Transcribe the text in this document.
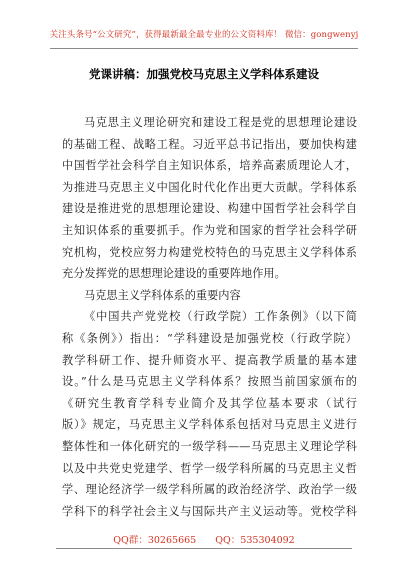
关注头条号“公文研究”，获得最新最全最专业的公文资料库！ 微信：gongwenyj
党课讲稿：加强党校马克思主义学科体系建设
马克思主义理论研究和建设工程是党的思想理论建设
的基础工程、战略工程。习近平总书记指出，要加快构建
中国哲学社会科学自主知识体系，培养高素质理论人才，
为推进马克思主义中国化时代化作出更大贡献。学科体系
建设是推进党的思想理论建设、构建中国哲学社会科学自
主知识体系的重要抓手。作为党和国家的哲学社会科学研
究机构，党校应努力构建党校特色的马克思主义学科体系
充分发挥党的思想理论建设的重要阵地作用。
马克思主义学科体系的重要内容
《中国共产党党校（行政学院）工作条例》（以下简
称《条例》）指出：“学科建设是加强党校（行政学院）
教学科研工作、提升师资水平、提高教学质量的基本建
设。”什么是马克思主义学科体系？按照当前国家颁布的
《研究生教育学科专业简介及其学位基本要求（试行
版）》规定，马克思主义学科体系包括对马克思主义进行
整体性和一体化研究的一级学科——马克思主义理论学科
以及中共党史党建学、哲学一级学科所属的马克思主义哲
学、理论经济学一级学科所属的政治经济学、政治学一级
学科下的科学社会主义与国际共产主义运动等。党校学科
QQ群：30265665 QQ：535304092
